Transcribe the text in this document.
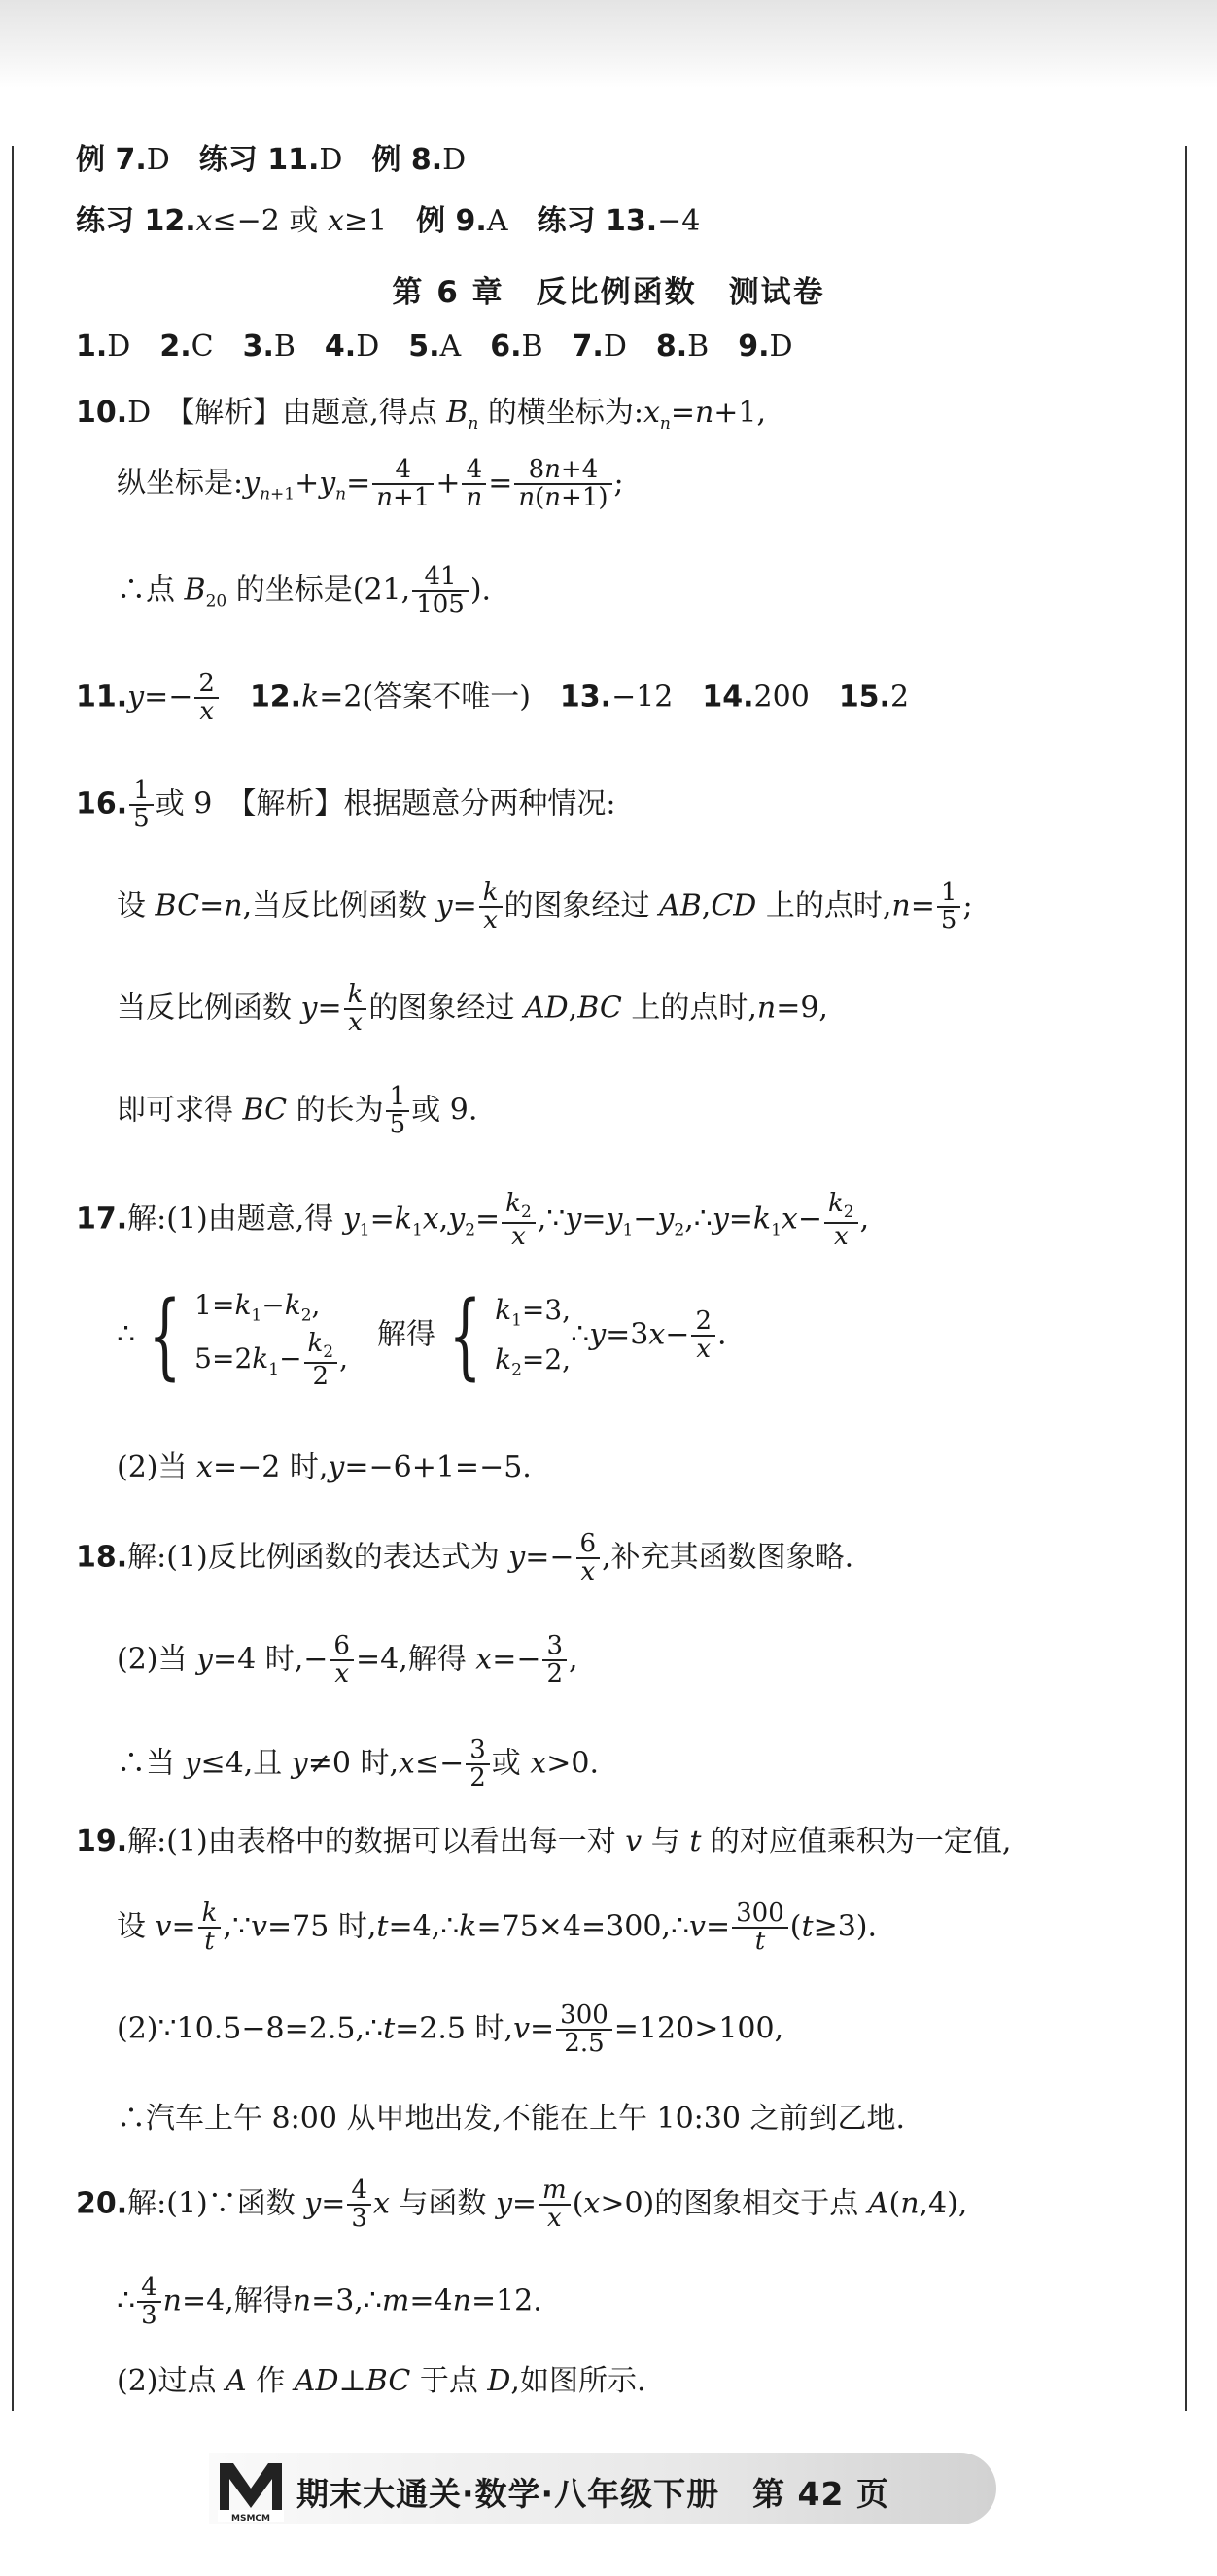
例 7.D　练习 11.D　例 8.D
练习 12.x≤−2 或 x≥1　例 9.A　练习 13.−4
第 6 章　反比例函数　测试卷
1.D　2.C　3.B　4.D　5.A　6.B　7.D　8.B　9.D
10.D　【解析】由题意,得点 $B_n$ 的横坐标为$:x_n=n+1$,
纵坐标是$:y_{n+1}+y_n= \frac{4}{n+1} + \frac{4}{n} = \frac{8n+4}{n(n+1)}$ ;
∴点 $B_{20}$ 的坐标是(21, $\frac{41}{105}$ ).
$11.y=- \frac{2}{x}$
　 12.k=2(答案不唯一)　13.−12　14.200　15.2
16. $\frac{1}{5}$ 或 9　【解析】根据题意分两种情况:
设 BC=n,当反比例函数 $y= \frac{k}{x}$ 的图象经过 AB,CD 上的点时$,n= \frac{1}{5}$ ;
当反比例函数 $y= \frac{k}{x}$ 的图象经过 AD,BC 上的点时,n=9,
即可求得 BC 的长为 $\frac{1}{5}$ 或 9.
17.解:(1)由题意,得 $y_1=k_1x,y_2= \frac{k_2}{x}$ $,\because y=y_1-y_2,\therefore y=k_1x- \frac{k_2}{x}$ ,
∴ { $1=k_1-k_2$,
$5=2k_1- \frac{k_2}{2}$ ,　解得 { $k_1=3$,
$k_2=2,\therefore y=3x- \frac{2}{x}$ .
(2)当 x=−2 时,y=−6+1=−5.
18.解:(1)反比例函数的表达式为 $y=- \frac{6}{x}$ ,补充其函数图象略.
(2)当 y=4 时,− $\frac{6}{x} =4$,解得 $x=- \frac{3}{2}$ ,
∴当 y≤4,且 y≠0 时$,x\le- \frac{3}{2}$ 或 x>0.
19.解:(1)由表格中的数据可以看出每一对 v 与 t 的对应值乘积为一定值,
设 $v= \frac{k}{t}$ ,∵v=75 时,t=4,∴k=75×4=300,∴v= $\frac{300}{t} (t\ge 3)$.
(2)∵10.5−8=2.5,∴t=2.5 时$,v= \frac{300}{2.5} =120>100$,
∴汽车上午 8:00 从甲地出发,不能在上午 10:30 之前到乙地.
20.解:(1)∵函数 $y= \frac{4}{3}$ x 与函数 $y= \frac{m}{x} (x>0)$的图象相交于点 A(n,4),
∴ $\frac{4}{3} n=4$,解得n=3,∴m=4n=12.
(2)过点 A 作 AD⊥BC 于点 D,如图所示.
MSMCM
期末大通关·数学·八年级下册　第 42 页
